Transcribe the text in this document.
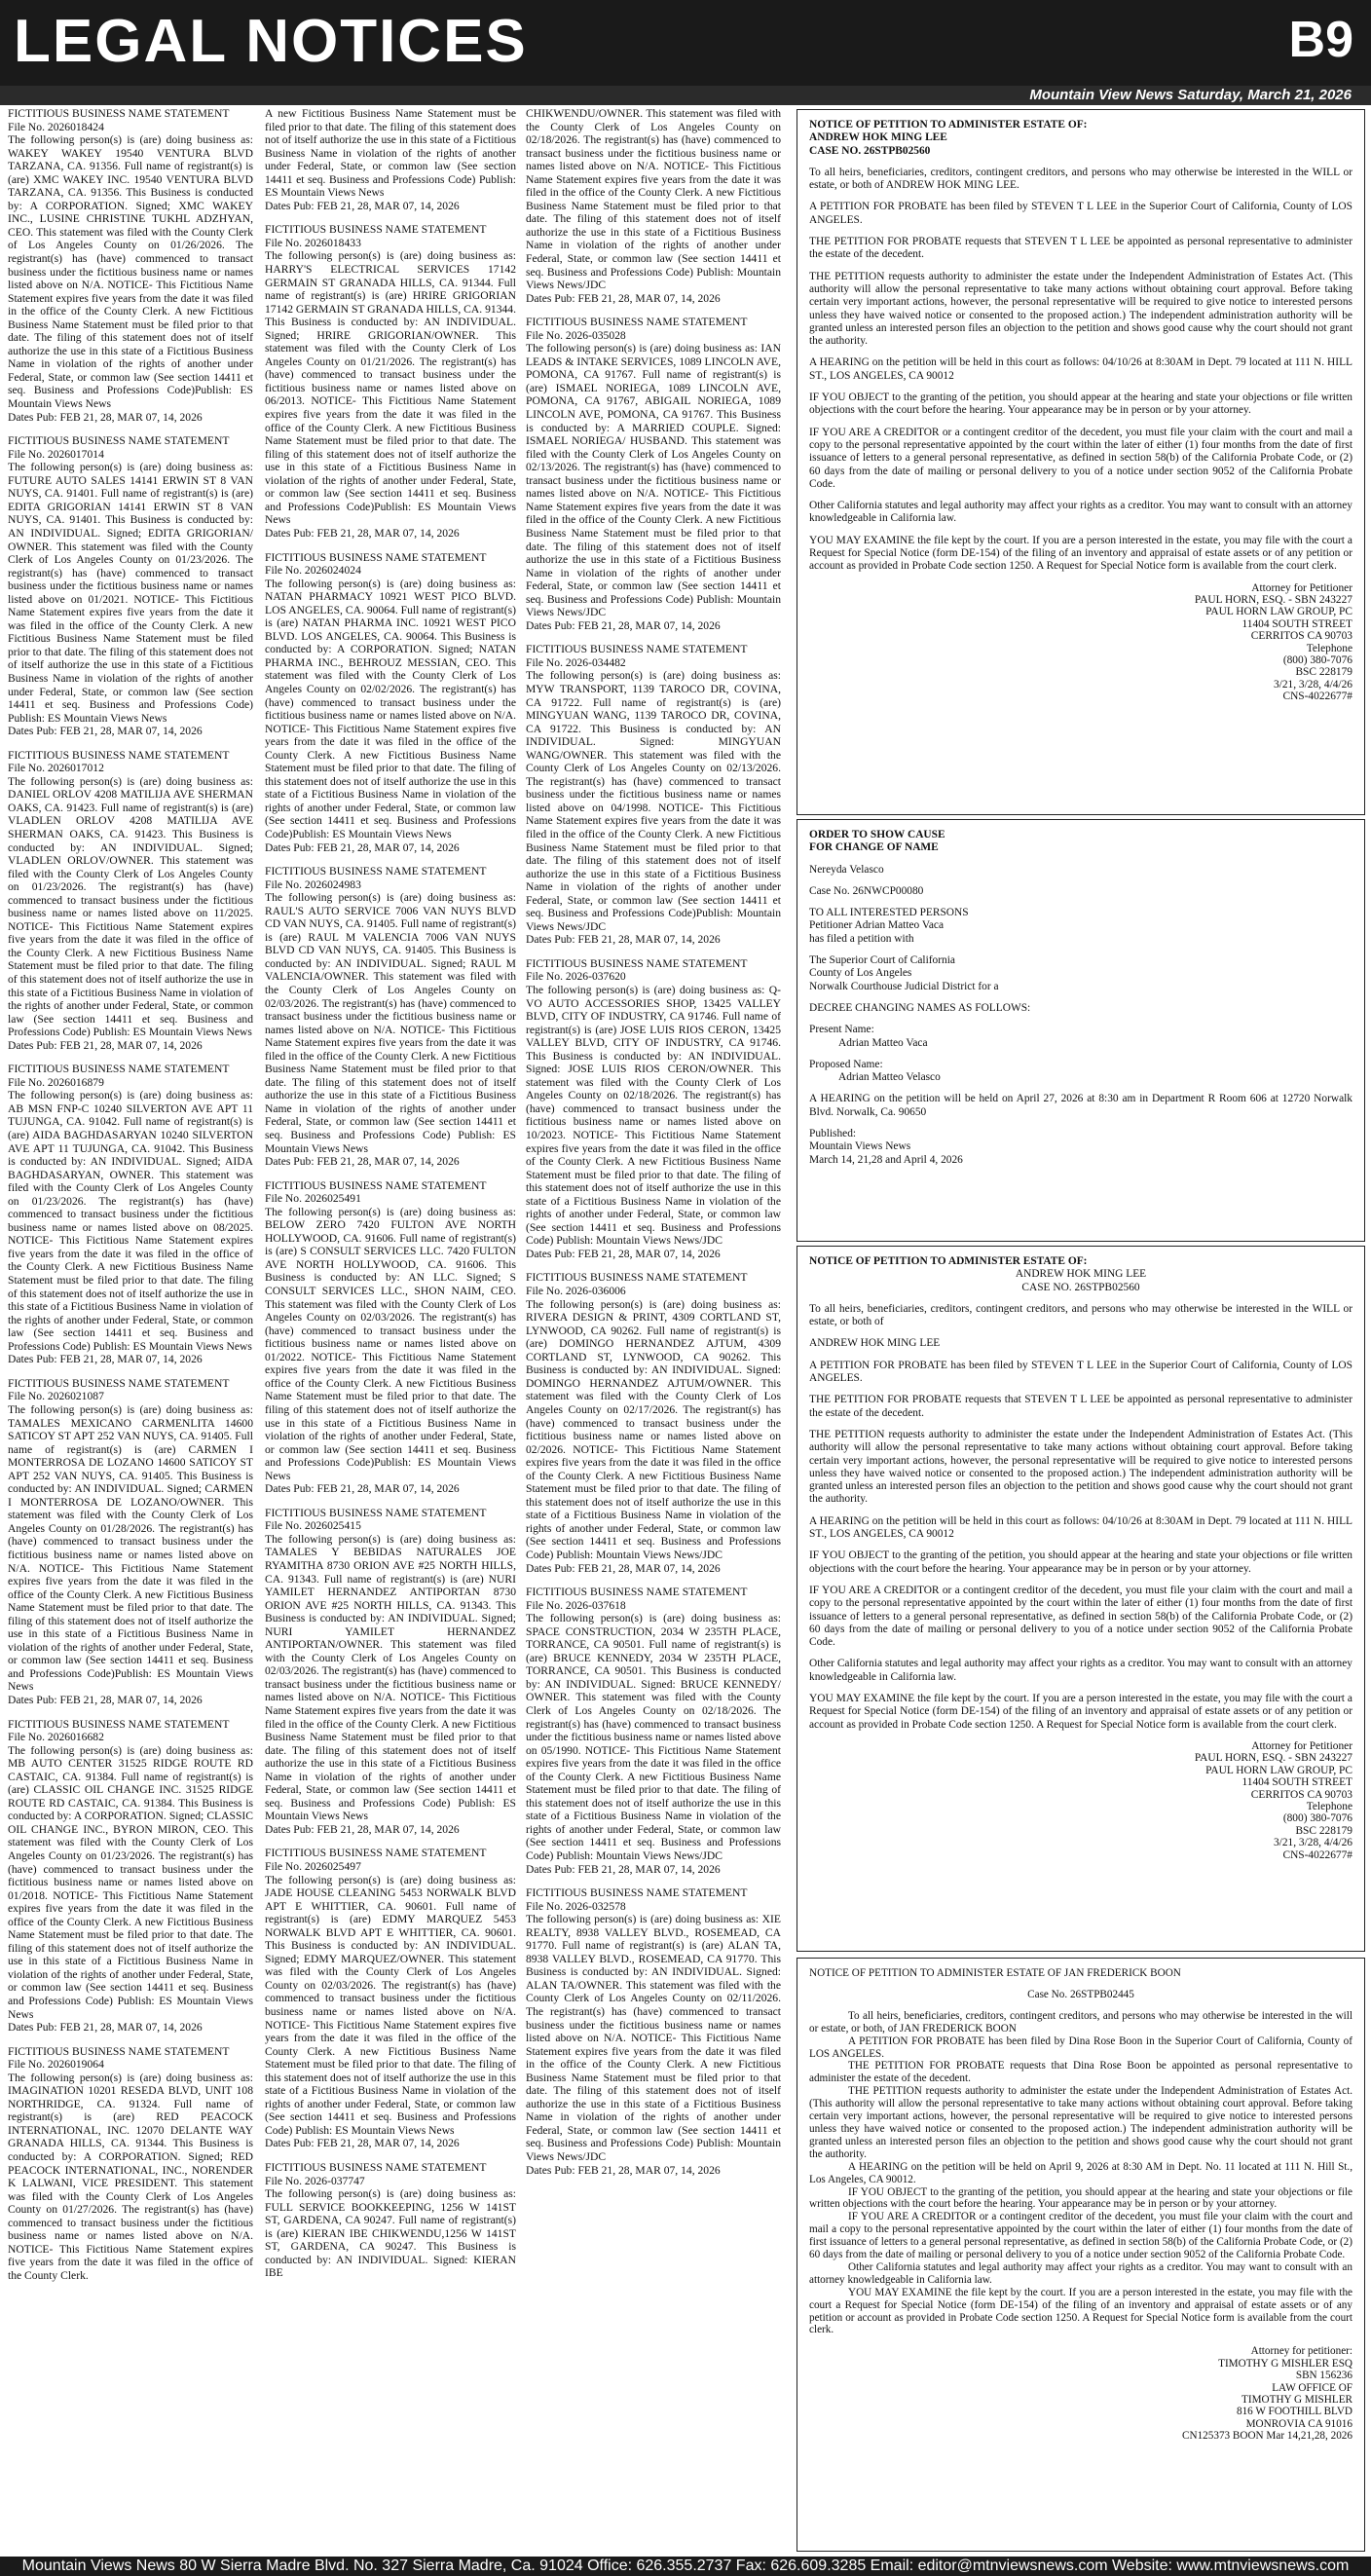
LEGAL NOTICES	B9
Mountain View News Saturday, March 21, 2026

FICTITIOUS BUSINESS NAME STATEMENT

File No. 2026018424

The following person(s) is (are) doing business as: WAKEY WAKEY 19540 VENTURA BLVD TARZANA, CA. 91356. Full name of registrant(s) is (are) XMC WAKEY INC. 19540 VENTURA BLVD TARZANA, CA. 91356. This Business is conducted by: A CORPORATION. Signed; XMC WAKEY INC., LUSINE CHRISTINE TUKHL ADZHYAN, CEO. This statement was filed with the County Clerk of Los Angeles County on 01/26/2026. The registrant(s) has (have) commenced to transact business under the fictitious business name or names listed above on N/A. NOTICE- This Fictitious Name Statement expires five years from the date it was filed in the office of the County Clerk. A new Fictitious Business Name Statement must be filed prior to that date. The filing of this statement does not of itself authorize the use in this state of a Fictitious Business Name in violation of the rights of another under Federal, State, or common law (See section 14411 et seq. Business and Professions Code)Publish: ES Mountain Views News

Dates Pub: FEB 21, 28, MAR 07, 14, 2026

FICTITIOUS BUSINESS NAME STATEMENT

File No. 2026017014

The following person(s) is (are) doing business as: FUTURE AUTO SALES 14141 ERWIN ST 8 VAN NUYS, CA. 91401. Full name of registrant(s) is (are) EDITA GRIGORIAN 14141 ERWIN ST 8 VAN NUYS, CA. 91401. This Business is conducted by: AN INDIVIDUAL. Signed; EDITA GRIGORIAN/ OWNER. This statement was filed with the County Clerk of Los Angeles County on 01/23/2026. The registrant(s) has (have) commenced to transact business under the fictitious business name or names listed above on 01/2021. NOTICE- This Fictitious Name Statement expires five years from the date it was filed in the office of the County Clerk. A new Fictitious Business Name Statement must be filed prior to that date. The filing of this statement does not of itself authorize the use in this state of a Fictitious Business Name in violation of the rights of another under Federal, State, or common law (See section 14411 et seq. Business and Professions Code) Publish: ES Mountain Views News

Dates Pub: FEB 21, 28, MAR 07, 14, 2026

FICTITIOUS BUSINESS NAME STATEMENT

File No. 2026017012

The following person(s) is (are) doing business as: DANIEL ORLOV 4208 MATILIJA AVE SHERMAN OAKS, CA. 91423. Full name of registrant(s) is (are) VLADLEN ORLOV 4208 MATILIJA AVE SHERMAN OAKS, CA. 91423. This Business is conducted by: AN INDIVIDUAL. Signed; VLADLEN ORLOV/OWNER. This statement was filed with the County Clerk of Los Angeles County on 01/23/2026. The registrant(s) has (have) commenced to transact business under the fictitious business name or names listed above on 11/2025. NOTICE- This Fictitious Name Statement expires five years from the date it was filed in the office of the County Clerk. A new Fictitious Business Name Statement must be filed prior to that date. The filing of this statement does not of itself authorize the use in this state of a Fictitious Business Name in violation of the rights of another under Federal, State, or common law (See section 14411 et seq. Business and Professions Code) Publish: ES Mountain Views News

Dates Pub: FEB 21, 28, MAR 07, 14, 2026

FICTITIOUS BUSINESS NAME STATEMENT

File No. 2026016879

The following person(s) is (are) doing business as: AB MSN FNP-C 10240 SILVERTON AVE APT 11 TUJUNGA, CA. 91042. Full name of registrant(s) is (are) AIDA BAGHDASARYAN 10240 SILVERTON AVE APT 11 TUJUNGA, CA. 91042. This Business is conducted by: AN INDIVIDUAL. Signed; AIDA BAGHDASARYAN, OWNER. This statement was filed with the County Clerk of Los Angeles County on 01/23/2026. The registrant(s) has (have) commenced to transact business under the fictitious business name or names listed above on 08/2025. NOTICE- This Fictitious Name Statement expires five years from the date it was filed in the office of the County Clerk. A new Fictitious Business Name Statement must be filed prior to that date. The filing of this statement does not of itself authorize the use in this state of a Fictitious Business Name in violation of the rights of another under Federal, State, or common law (See section 14411 et seq. Business and Professions Code) Publish: ES Mountain Views News

Dates Pub: FEB 21, 28, MAR 07, 14, 2026

FICTITIOUS BUSINESS NAME STATEMENT

File No. 2026021087

The following person(s) is (are) doing business as: TAMALES MEXICANO CARMENLITA 14600 SATICOY ST APT 252 VAN NUYS, CA. 91405. Full name of registrant(s) is (are) CARMEN I MONTERROSA DE LOZANO 14600 SATICOY ST APT 252 VAN NUYS, CA. 91405. This Business is conducted by: AN INDIVIDUAL. Signed; CARMEN I MONTERROSA DE LOZANO/OWNER. This statement was filed with the County Clerk of Los Angeles County on 01/28/2026. The registrant(s) has (have) commenced to transact business under the fictitious business name or names listed above on N/A. NOTICE- This Fictitious Name Statement expires five years from the date it was filed in the office of the County Clerk. A new Fictitious Business Name Statement must be filed prior to that date. The filing of this statement does not of itself authorize the use in this state of a Fictitious Business Name in violation of the rights of another under Federal, State, or common law (See section 14411 et seq. Business and Professions Code)Publish: ES Mountain Views News

Dates Pub: FEB 21, 28, MAR 07, 14, 2026

FICTITIOUS BUSINESS NAME STATEMENT

File No. 2026016682

The following person(s) is (are) doing business as: MB AUTO CENTER 31525 RIDGE ROUTE RD CASTAIC, CA. 91384. Full name of registrant(s) is (are) CLASSIC OIL CHANGE INC. 31525 RIDGE ROUTE RD CASTAIC, CA. 91384. This Business is conducted by: A CORPORATION. Signed; CLASSIC OIL CHANGE INC., BYRON MIRON, CEO. This statement was filed with the County Clerk of Los Angeles County on 01/23/2026. The registrant(s) has (have) commenced to transact business under the fictitious business name or names listed above on 01/2018. NOTICE- This Fictitious Name Statement expires five years from the date it was filed in the office of the County Clerk. A new Fictitious Business Name Statement must be filed prior to that date. The filing of this statement does not of itself authorize the use in this state of a Fictitious Business Name in violation of the rights of another under Federal, State, or common law (See section 14411 et seq. Business and Professions Code) Publish: ES Mountain Views News

Dates Pub: FEB 21, 28, MAR 07, 14, 2026

FICTITIOUS BUSINESS NAME STATEMENT

File No. 2026019064

The following person(s) is (are) doing business as: IMAGINATION 10201 RESEDA BLVD, UNIT 108 NORTHRIDGE, CA. 91324. Full name of registrant(s) is (are) RED PEACOCK INTERNATIONAL, INC. 12070 DELANTE WAY GRANADA HILLS, CA. 91344. This Business is conducted by: A CORPORATION. Signed; RED PEACOCK INTERNATIONAL, INC., NORENDER K LALWANI, VICE PRESIDENT. This statement was filed with the County Clerk of Los Angeles County on 01/27/2026. The registrant(s) has (have) commenced to transact business under the fictitious business name or names listed above on N/A. NOTICE- This Fictitious Name Statement expires five years from the date it was filed in the office of the County Clerk.

A new Fictitious Business Name Statement must be filed prior to that date. The filing of this statement does not of itself authorize the use in this state of a Fictitious Business Name in violation of the rights of another under Federal, State, or common law (See section 14411 et seq. Business and Professions Code) Publish: ES Mountain Views News

Dates Pub: FEB 21, 28, MAR 07, 14, 2026

FICTITIOUS BUSINESS NAME STATEMENT

File No. 2026018433

The following person(s) is (are) doing business as: HARRY'S ELECTRICAL SERVICES 17142 GERMAIN ST GRANADA HILLS, CA. 91344. Full name of registrant(s) is (are) HRIRE GRIGORIAN 17142 GERMAIN ST GRANADA HILLS, CA. 91344. This Business is conducted by: AN INDIVIDUAL. Signed; HRIRE GRIGORIAN/OWNER. This statement was filed with the County Clerk of Los Angeles County on 01/21/2026. The registrant(s) has (have) commenced to transact business under the fictitious business name or names listed above on 06/2013. NOTICE- This Fictitious Name Statement expires five years from the date it was filed in the office of the County Clerk. A new Fictitious Business Name Statement must be filed prior to that date. The filing of this statement does not of itself authorize the use in this state of a Fictitious Business Name in violation of the rights of another under Federal, State, or common law (See section 14411 et seq. Business and Professions Code)Publish: ES Mountain Views News

Dates Pub: FEB 21, 28, MAR 07, 14, 2026

FICTITIOUS BUSINESS NAME STATEMENT

File No. 2026024024

The following person(s) is (are) doing business as: NATAN PHARMACY 10921 WEST PICO BLVD. LOS ANGELES, CA. 90064. Full name of registrant(s) is (are) NATAN PHARMA INC. 10921 WEST PICO BLVD. LOS ANGELES, CA. 90064. This Business is conducted by: A CORPORATION. Signed; NATAN PHARMA INC., BEHROUZ MESSIAN, CEO. This statement was filed with the County Clerk of Los Angeles County on 02/02/2026. The registrant(s) has (have) commenced to transact business under the fictitious business name or names listed above on N/A. NOTICE- This Fictitious Name Statement expires five years from the date it was filed in the office of the County Clerk. A new Fictitious Business Name Statement must be filed prior to that date. The filing of this statement does not of itself authorize the use in this state of a Fictitious Business Name in violation of the rights of another under Federal, State, or common law (See section 14411 et seq. Business and Professions Code)Publish: ES Mountain Views News

Dates Pub: FEB 21, 28, MAR 07, 14, 2026

FICTITIOUS BUSINESS NAME STATEMENT

File No. 2026024983

The following person(s) is (are) doing business as: RAUL'S AUTO SERVICE 7006 VAN NUYS BLVD CD VAN NUYS, CA. 91405. Full name of registrant(s) is (are) RAUL M VALENCIA 7006 VAN NUYS BLVD CD VAN NUYS, CA. 91405. This Business is conducted by: AN INDIVIDUAL. Signed; RAUL M VALENCIA/OWNER. This statement was filed with the County Clerk of Los Angeles County on 02/03/2026. The registrant(s) has (have) commenced to transact business under the fictitious business name or names listed above on N/A. NOTICE- This Fictitious Name Statement expires five years from the date it was filed in the office of the County Clerk. A new Fictitious Business Name Statement must be filed prior to that date. The filing of this statement does not of itself authorize the use in this state of a Fictitious Business Name in violation of the rights of another under Federal, State, or common law (See section 14411 et seq. Business and Professions Code) Publish: ES Mountain Views News

Dates Pub: FEB 21, 28, MAR 07, 14, 2026

FICTITIOUS BUSINESS NAME STATEMENT

File No. 2026025491

The following person(s) is (are) doing business as: BELOW ZERO 7420 FULTON AVE NORTH HOLLYWOOD, CA. 91606. Full name of registrant(s) is (are) S CONSULT SERVICES LLC. 7420 FULTON AVE NORTH HOLLYWOOD, CA. 91606. This Business is conducted by: AN LLC. Signed; S CONSULT SERVICES LLC., SHON NAIM, CEO. This statement was filed with the County Clerk of Los Angeles County on 02/03/2026. The registrant(s) has (have) commenced to transact business under the fictitious business name or names listed above on 01/2022. NOTICE- This Fictitious Name Statement expires five years from the date it was filed in the office of the County Clerk. A new Fictitious Business Name Statement must be filed prior to that date. The filing of this statement does not of itself authorize the use in this state of a Fictitious Business Name in violation of the rights of another under Federal, State, or common law (See section 14411 et seq. Business and Professions Code)Publish: ES Mountain Views News

Dates Pub: FEB 21, 28, MAR 07, 14, 2026

FICTITIOUS BUSINESS NAME STATEMENT

File No. 2026025415

The following person(s) is (are) doing business as: TAMALES Y BEBIDAS NATURALES JOE RYAMITHA 8730 ORION AVE #25 NORTH HILLS, CA. 91343. Full name of registrant(s) is (are) NURI YAMILET HERNANDEZ ANTIPORTAN 8730 ORION AVE #25 NORTH HILLS, CA. 91343. This Business is conducted by: AN INDIVIDUAL. Signed; NURI YAMILET HERNANDEZ ANTIPORTAN/OWNER. This statement was filed with the County Clerk of Los Angeles County on 02/03/2026. The registrant(s) has (have) commenced to transact business under the fictitious business name or names listed above on N/A. NOTICE- This Fictitious Name Statement expires five years from the date it was filed in the office of the County Clerk. A new Fictitious Business Name Statement must be filed prior to that date. The filing of this statement does not of itself authorize the use in this state of a Fictitious Business Name in violation of the rights of another under Federal, State, or common law (See section 14411 et seq. Business and Professions Code) Publish: ES Mountain Views News

Dates Pub: FEB 21, 28, MAR 07, 14, 2026

FICTITIOUS BUSINESS NAME STATEMENT

File No. 2026025497

The following person(s) is (are) doing business as: JADE HOUSE CLEANING 5453 NORWALK BLVD APT E WHITTIER, CA. 90601. Full name of registrant(s) is (are) EDMY MARQUEZ 5453 NORWALK BLVD APT E WHITTIER, CA. 90601. This Business is conducted by: AN INDIVIDUAL. Signed; EDMY MARQUEZ/OWNER. This statement was filed with the County Clerk of Los Angeles County on 02/03/2026. The registrant(s) has (have) commenced to transact business under the fictitious business name or names listed above on N/A. NOTICE- This Fictitious Name Statement expires five years from the date it was filed in the office of the County Clerk. A new Fictitious Business Name Statement must be filed prior to that date. The filing of this statement does not of itself authorize the use in this state of a Fictitious Business Name in violation of the rights of another under Federal, State, or common law (See section 14411 et seq. Business and Professions Code) Publish: ES Mountain Views News

Dates Pub: FEB 21, 28, MAR 07, 14, 2026

FICTITIOUS BUSINESS NAME STATEMENT

File No. 2026-037747

The following person(s) is (are) doing business as: FULL SERVICE BOOKKEEPING, 1256 W 141ST ST, GARDENA, CA 90247. Full name of registrant(s) is (are) KIERAN IBE CHIKWENDU,1256 W 141ST ST, GARDENA, CA 90247. This Business is conducted by: AN INDIVIDUAL. Signed: KIERAN IBE

CHIKWENDU/OWNER. This statement was filed with the County Clerk of Los Angeles County on 02/18/2026. The registrant(s) has (have) commenced to transact business under the fictitious business name or names listed above on N/A. NOTICE- This Fictitious Name Statement expires five years from the date it was filed in the office of the County Clerk. A new Fictitious Business Name Statement must be filed prior to that date. The filing of this statement does not of itself authorize the use in this state of a Fictitious Business Name in violation of the rights of another under Federal, State, or common law (See section 14411 et seq. Business and Professions Code) Publish: Mountain Views News/JDC

Dates Pub: FEB 21, 28, MAR 07, 14, 2026

FICTITIOUS BUSINESS NAME STATEMENT

File No. 2026-035028

The following person(s) is (are) doing business as: IAN LEADS & INTAKE SERVICES, 1089 LINCOLN AVE, POMONA, CA 91767. Full name of registrant(s) is (are) ISMAEL NORIEGA, 1089 LINCOLN AVE, POMONA, CA 91767, ABIGAIL NORIEGA, 1089 LINCOLN AVE, POMONA, CA 91767. This Business is conducted by: A MARRIED COUPLE. Signed: ISMAEL NORIEGA/ HUSBAND. This statement was filed with the County Clerk of Los Angeles County on 02/13/2026. The registrant(s) has (have) commenced to transact business under the fictitious business name or names listed above on N/A. NOTICE- This Fictitious Name Statement expires five years from the date it was filed in the office of the County Clerk. A new Fictitious Business Name Statement must be filed prior to that date. The filing of this statement does not of itself authorize the use in this state of a Fictitious Business Name in violation of the rights of another under Federal, State, or common law (See section 14411 et seq. Business and Professions Code) Publish: Mountain Views News/JDC

Dates Pub: FEB 21, 28, MAR 07, 14, 2026

FICTITIOUS BUSINESS NAME STATEMENT

File No. 2026-034482

The following person(s) is (are) doing business as: MYW TRANSPORT, 1139 TAROCO DR, COVINA, CA 91722. Full name of registrant(s) is (are) MINGYUAN WANG, 1139 TAROCO DR, COVINA, CA 91722. This Business is conducted by: AN INDIVIDUAL. Signed: MINGYUAN WANG/OWNER. This statement was filed with the County Clerk of Los Angeles County on 02/13/2026. The registrant(s) has (have) commenced to transact business under the fictitious business name or names listed above on 04/1998. NOTICE- This Fictitious Name Statement expires five years from the date it was filed in the office of the County Clerk. A new Fictitious Business Name Statement must be filed prior to that date. The filing of this statement does not of itself authorize the use in this state of a Fictitious Business Name in violation of the rights of another under Federal, State, or common law (See section 14411 et seq. Business and Professions Code)Publish: Mountain Views News/JDC

Dates Pub: FEB 21, 28, MAR 07, 14, 2026

FICTITIOUS BUSINESS NAME STATEMENT

File No. 2026-037620

The following person(s) is (are) doing business as: Q-VO AUTO ACCESSORIES SHOP, 13425 VALLEY BLVD, CITY OF INDUSTRY, CA 91746. Full name of registrant(s) is (are) JOSE LUIS RIOS CERON, 13425 VALLEY BLVD, CITY OF INDUSTRY, CA 91746. This Business is conducted by: AN INDIVIDUAL. Signed: JOSE LUIS RIOS CERON/OWNER. This statement was filed with the County Clerk of Los Angeles County on 02/18/2026. The registrant(s) has (have) commenced to transact business under the fictitious business name or names listed above on 10/2023. NOTICE- This Fictitious Name Statement expires five years from the date it was filed in the office of the County Clerk. A new Fictitious Business Name Statement must be filed prior to that date. The filing of this statement does not of itself authorize the use in this state of a Fictitious Business Name in violation of the rights of another under Federal, State, or common law (See section 14411 et seq. Business and Professions Code) Publish: Mountain Views News/JDC

Dates Pub: FEB 21, 28, MAR 07, 14, 2026

FICTITIOUS BUSINESS NAME STATEMENT

File No. 2026-036006

The following person(s) is (are) doing business as: RIVERA DESIGN & PRINT, 4309 CORTLAND ST, LYNWOOD, CA 90262. Full name of registrant(s) is (are) DOMINGO HERNANDEZ AJTUM, 4309 CORTLAND ST, LYNWOOD, CA 90262. This Business is conducted by: AN INDIVIDUAL. Signed: DOMINGO HERNANDEZ AJTUM/OWNER. This statement was filed with the County Clerk of Los Angeles County on 02/17/2026. The registrant(s) has (have) commenced to transact business under the fictitious business name or names listed above on 02/2026. NOTICE- This Fictitious Name Statement expires five years from the date it was filed in the office of the County Clerk. A new Fictitious Business Name Statement must be filed prior to that date. The filing of this statement does not of itself authorize the use in this state of a Fictitious Business Name in violation of the rights of another under Federal, State, or common law (See section 14411 et seq. Business and Professions Code) Publish: Mountain Views News/JDC

Dates Pub: FEB 21, 28, MAR 07, 14, 2026

FICTITIOUS BUSINESS NAME STATEMENT

File No. 2026-037618

The following person(s) is (are) doing business as: SPACE CONSTRUCTION, 2034 W 235TH PLACE, TORRANCE, CA 90501. Full name of registrant(s) is (are) BRUCE KENNEDY, 2034 W 235TH PLACE, TORRANCE, CA 90501. This Business is conducted by: AN INDIVIDUAL. Signed: BRUCE KENNEDY/ OWNER. This statement was filed with the County Clerk of Los Angeles County on 02/18/2026. The registrant(s) has (have) commenced to transact business under the fictitious business name or names listed above on 05/1990. NOTICE- This Fictitious Name Statement expires five years from the date it was filed in the office of the County Clerk. A new Fictitious Business Name Statement must be filed prior to that date. The filing of this statement does not of itself authorize the use in this state of a Fictitious Business Name in violation of the rights of another under Federal, State, or common law (See section 14411 et seq. Business and Professions Code) Publish: Mountain Views News/JDC

Dates Pub: FEB 21, 28, MAR 07, 14, 2026

FICTITIOUS BUSINESS NAME STATEMENT

File No. 2026-032578

The following person(s) is (are) doing business as: XIE REALTY, 8938 VALLEY BLVD., ROSEMEAD, CA 91770. Full name of registrant(s) is (are) ALAN TA, 8938 VALLEY BLVD., ROSEMEAD, CA 91770. This Business is conducted by: AN INDIVIDUAL. Signed: ALAN TA/OWNER. This statement was filed with the County Clerk of Los Angeles County on 02/11/2026. The registrant(s) has (have) commenced to transact business under the fictitious business name or names listed above on N/A. NOTICE- This Fictitious Name Statement expires five years from the date it was filed in the office of the County Clerk. A new Fictitious Business Name Statement must be filed prior to that date. The filing of this statement does not of itself authorize the use in this state of a Fictitious Business Name in violation of the rights of another under Federal, State, or common law (See section 14411 et seq. Business and Professions Code) Publish: Mountain Views News/JDC

Dates Pub: FEB 21, 28, MAR 07, 14, 2026

NOTICE OF PETITION TO ADMINISTER ESTATE OF:
ANDREW HOK MING LEE

CASE NO. 26STPB02560

To all heirs, beneficiaries, creditors, contingent creditors, and persons who may otherwise be interested in the WILL or estate, or both of ANDREW HOK MING LEE.

A PETITION FOR PROBATE has been filed by STEVEN T L LEE in the Superior Court of California, County of LOS ANGELES.

THE PETITION FOR PROBATE requests that STEVEN T L LEE be appointed as personal representative to administer the estate of the decedent.

THE PETITION requests authority to administer the estate under the Independent Administration of Estates Act. (This authority will allow the personal representative to take many actions without obtaining court approval. Before taking certain very important actions, however, the personal representative will be required to give notice to interested persons unless they have waived notice or consented to the proposed action.) The independent administration authority will be granted unless an interested person files an objection to the petition and shows good cause why the court should not grant the authority.

A HEARING on the petition will be held in this court as follows: 04/10/26 at 8:30AM in Dept. 79 located at 111 N. HILL ST., LOS ANGELES, CA 90012

IF YOU OBJECT to the granting of the petition, you should appear at the hearing and state your objections or file written objections with the court before the hearing. Your appearance may be in person or by your attorney.

IF YOU ARE A CREDITOR or a contingent creditor of the decedent, you must file your claim with the court and mail a copy to the personal representative appointed by the court within the later of either (1) four months from the date of first issuance of letters to a general personal representative, as defined in section 58(b) of the California Probate Code, or (2) 60 days from the date of mailing or personal delivery to you of a notice under section 9052 of the California Probate Code.

Other California statutes and legal authority may affect your rights as a creditor. You may want to consult with an attorney knowledgeable in California law.

YOU MAY EXAMINE the file kept by the court. If you are a person interested in the estate, you may file with the court a Request for Special Notice (form DE-154) of the filing of an inventory and appraisal of estate assets or of any petition or account as provided in Probate Code section 1250. A Request for Special Notice form is available from the court clerk.

Attorney for Petitioner
PAUL HORN, ESQ. - SBN 243227
PAUL HORN LAW GROUP, PC
11404 SOUTH STREET
CERRITOS CA 90703
Telephone
(800) 380-7076
BSC 228179
3/21, 3/28, 4/4/26
CNS-4022677#
ORDER TO SHOW CAUSE

FOR CHANGE OF NAME

Nereyda Velasco

Case No. 26NWCP00080

TO ALL INTERESTED PERSONS
Petitioner Adrian Matteo Vaca

has filed a petition with

The Superior Court of California
County of Los Angeles

Norwalk Courthouse Judicial District for a

DECREE CHANGING NAMES AS FOLLOWS:

Present Name:

Adrian Matteo Vaca

Proposed Name:

Adrian Matteo Velasco

A HEARING on the petition will be held on April 27, 2026 at 8:30 am in Department R Room 606 at 12720 Norwalk Blvd. Norwalk, Ca. 90650

Published:
Mountain Views News
March 14, 21,28 and April 4, 2026
NOTICE OF PETITION TO ADMINISTER ESTATE OF:
ANDREW HOK MING LEE

CASE NO. 26STPB02560

To all heirs, beneficiaries, creditors, contingent creditors, and persons who may otherwise be interested in the WILL or estate, or both of

ANDREW HOK MING LEE

A PETITION FOR PROBATE has been filed by STEVEN T L LEE in the Superior Court of California, County of LOS ANGELES.

THE PETITION FOR PROBATE requests that STEVEN T L LEE be appointed as personal representative to administer the estate of the decedent.

THE PETITION requests authority to administer the estate under the Independent Administration of Estates Act. (This authority will allow the personal representative to take many actions without obtaining court approval. Before taking certain very important actions, however, the personal representative will be required to give notice to interested persons unless they have waived notice or consented to the proposed action.) The independent administration authority will be granted unless an interested person files an objection to the petition and shows good cause why the court should not grant the authority.

A HEARING on the petition will be held in this court as follows: 04/10/26 at 8:30AM in Dept. 79 located at 111 N. HILL ST., LOS ANGELES, CA 90012

IF YOU OBJECT to the granting of the petition, you should appear at the hearing and state your objections or file written objections with the court before the hearing. Your appearance may be in person or by your attorney.

IF YOU ARE A CREDITOR or a contingent creditor of the decedent, you must file your claim with the court and mail a copy to the personal representative appointed by the court within the later of either (1) four months from the date of first issuance of letters to a general personal representative, as defined in section 58(b) of the California Probate Code, or (2) 60 days from the date of mailing or personal delivery to you of a notice under section 9052 of the California Probate Code.

Other California statutes and legal authority may affect your rights as a creditor. You may want to consult with an attorney knowledgeable in California law.

YOU MAY EXAMINE the file kept by the court. If you are a person interested in the estate, you may file with the court a Request for Special Notice (form DE-154) of the filing of an inventory and appraisal of estate assets or of any petition or account as provided in Probate Code section 1250. A Request for Special Notice form is available from the court clerk.

Attorney for Petitioner
PAUL HORN, ESQ. - SBN 243227
PAUL HORN LAW GROUP, PC
11404 SOUTH STREET
CERRITOS CA 90703
Telephone
(800) 380-7076
BSC 228179
3/21, 3/28, 4/4/26
CNS-4022677#

NOTICE OF PETITION TO ADMINISTER ESTATE OF JAN FREDERICK BOON

Case No. 26STPB02445

To all heirs, beneficiaries, creditors, contingent creditors, and persons who may otherwise be interested in the will or estate, or both, of JAN FREDERICK BOON

A PETITION FOR PROBATE has been filed by Dina Rose Boon in the Superior Court of California, County of LOS ANGELES.

THE PETITION FOR PROBATE requests that Dina Rose Boon be appointed as personal representative to administer the estate of the decedent.

THE PETITION requests authority to administer the estate under the Independent Administration of Estates Act. (This authority will allow the personal representative to take many actions without obtaining court approval. Before taking certain very important actions, however, the personal representative will be required to give notice to interested persons unless they have waived notice or consented to the proposed action.) The independent administration authority will be granted unless an interested person files an objection to the petition and shows good cause why the court should not grant the authority.

A HEARING on the petition will be held on April 9, 2026 at 8:30 AM in Dept. No. 11 located at 111 N. Hill St., Los Angeles, CA 90012.

IF YOU OBJECT to the granting of the petition, you should appear at the hearing and state your objections or file written objections with the court before the hearing. Your appearance may be in person or by your attorney.

IF YOU ARE A CREDITOR or a contingent creditor of the decedent, you must file your claim with the court and mail a copy to the personal representative appointed by the court within the later of either (1) four months from the date of first issuance of letters to a general personal representative, as defined in section 58(b) of the California Probate Code, or (2) 60 days from the date of mailing or personal delivery to you of a notice under section 9052 of the California Probate Code.

Other California statutes and legal authority may affect your rights as a creditor. You may want to consult with an attorney knowledgeable in California law.

YOU MAY EXAMINE the file kept by the court. If you are a person interested in the estate, you may file with the court a Request for Special Notice (form DE-154) of the filing of an inventory and appraisal of estate assets or of any petition or account as provided in Probate Code section 1250. A Request for Special Notice form is available from the court clerk.

Attorney for petitioner:
TIMOTHY G MISHLER ESQ
SBN 156236
LAW OFFICE OF
TIMOTHY G MISHLER
816 W FOOTHILL BLVD
MONROVIA CA 91016
CN125373 BOON Mar 14,21,28, 2026
Mountain Views News 80 W Sierra Madre Blvd. No. 327 Sierra Madre, Ca. 91024 Office: 626.355.2737 Fax: 626.609.3285 Email: editor@mtnviewsnews.com Website: www.mtnviewsnews.com
